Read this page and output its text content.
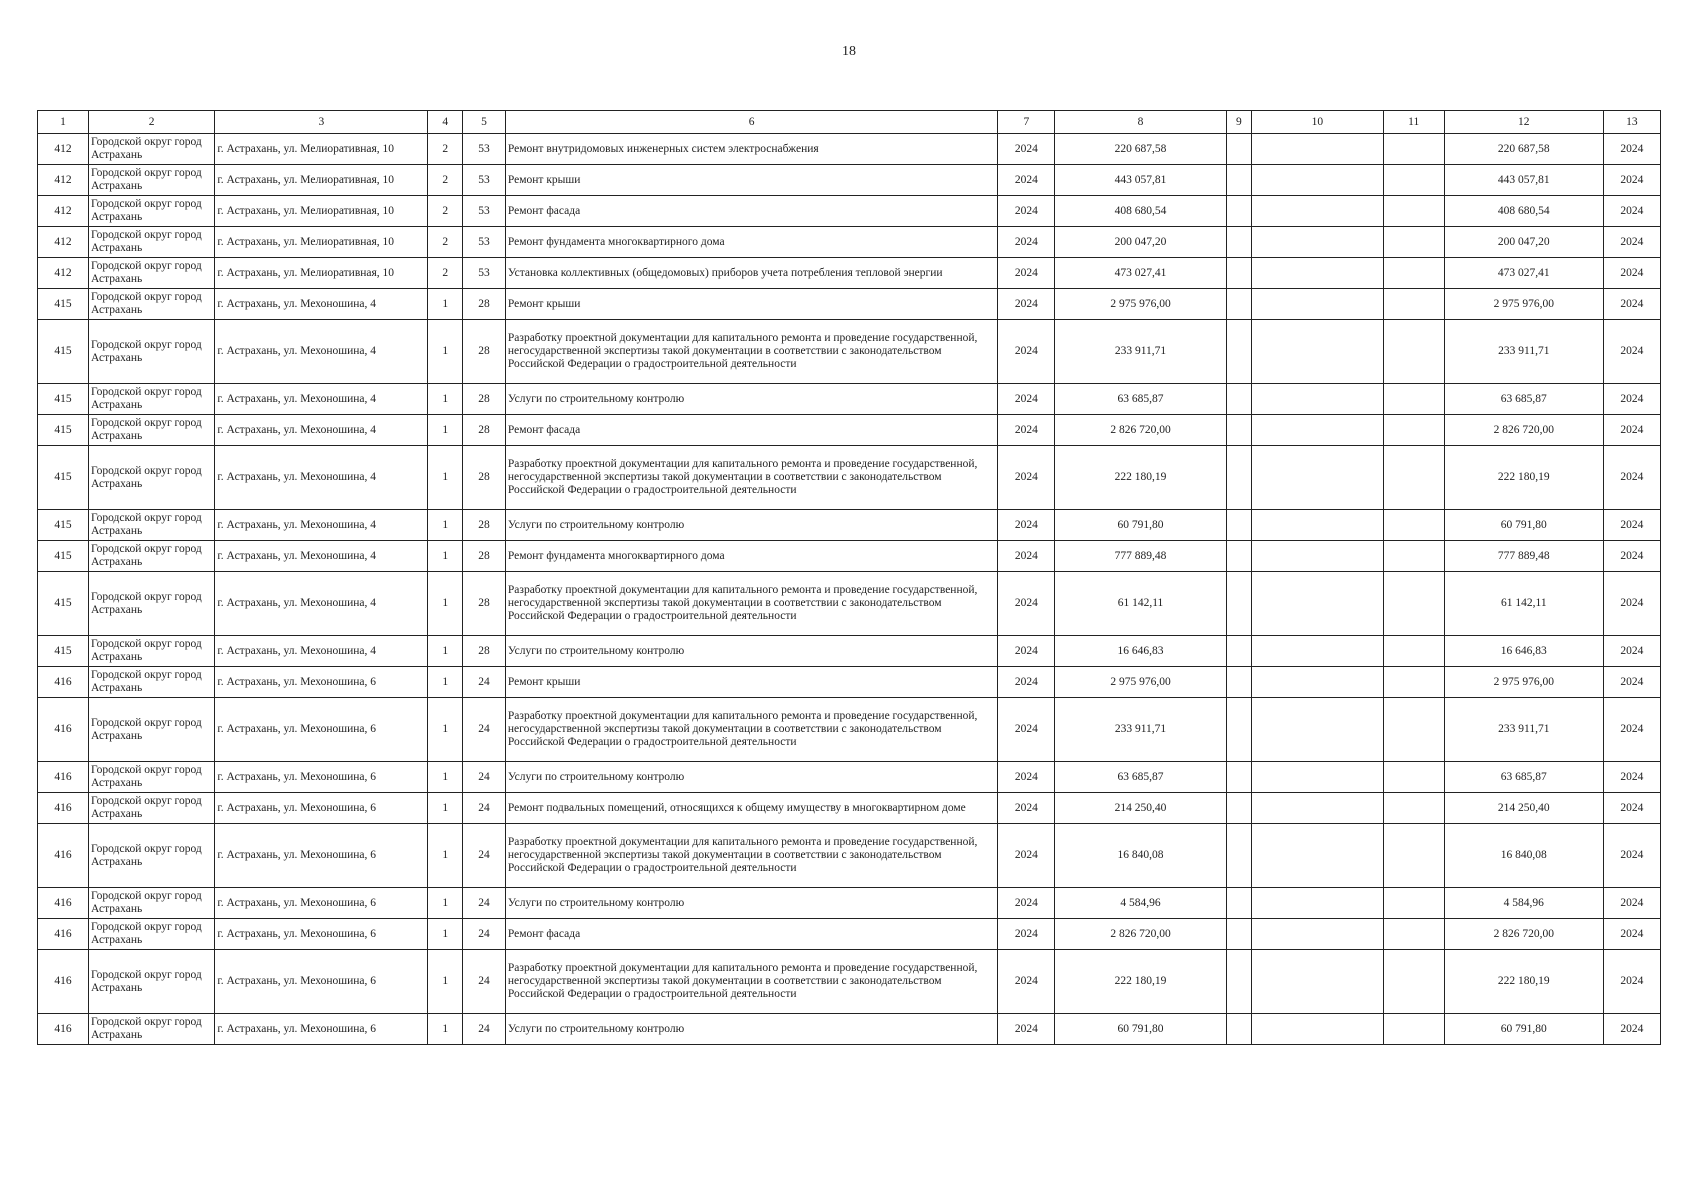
18
1	2	3	4	5	6	7	8	9	10	11	12	13
412	Городской округ город Астрахань	г. Астрахань, ул. Мелиоративная, 10	2	53	Ремонт внутридомовых инженерных систем электроснабжения	2024	220 687,58				220 687,58	2024
412	Городской округ город Астрахань	г. Астрахань, ул. Мелиоративная, 10	2	53	Ремонт крыши	2024	443 057,81				443 057,81	2024
412	Городской округ город Астрахань	г. Астрахань, ул. Мелиоративная, 10	2	53	Ремонт фасада	2024	408 680,54				408 680,54	2024
412	Городской округ город Астрахань	г. Астрахань, ул. Мелиоративная, 10	2	53	Ремонт фундамента многоквартирного дома	2024	200 047,20				200 047,20	2024
412	Городской округ город Астрахань	г. Астрахань, ул. Мелиоративная, 10	2	53	Установка коллективных (общедомовых) приборов учета потребления тепловой энергии	2024	473 027,41				473 027,41	2024
415	Городской округ город Астрахань	г. Астрахань, ул. Мехоношина, 4	1	28	Ремонт крыши	2024	2 975 976,00				2 975 976,00	2024
415	Городской округ город Астрахань	г. Астрахань, ул. Мехоношина, 4	1	28	Разработку проектной документации для капитального ремонта и проведение государственной, негосударственной экспертизы такой документации в соответствии с законодательством Российской Федерации о градостроительной деятельности	2024	233 911,71				233 911,71	2024
415	Городской округ город Астрахань	г. Астрахань, ул. Мехоношина, 4	1	28	Услуги по строительному контролю	2024	63 685,87				63 685,87	2024
415	Городской округ город Астрахань	г. Астрахань, ул. Мехоношина, 4	1	28	Ремонт фасада	2024	2 826 720,00				2 826 720,00	2024
415	Городской округ город Астрахань	г. Астрахань, ул. Мехоношина, 4	1	28	Разработку проектной документации для капитального ремонта и проведение государственной, негосударственной экспертизы такой документации в соответствии с законодательством Российской Федерации о градостроительной деятельности	2024	222 180,19				222 180,19	2024
415	Городской округ город Астрахань	г. Астрахань, ул. Мехоношина, 4	1	28	Услуги по строительному контролю	2024	60 791,80				60 791,80	2024
415	Городской округ город Астрахань	г. Астрахань, ул. Мехоношина, 4	1	28	Ремонт фундамента многоквартирного дома	2024	777 889,48				777 889,48	2024
415	Городской округ город Астрахань	г. Астрахань, ул. Мехоношина, 4	1	28	Разработку проектной документации для капитального ремонта и проведение государственной, негосударственной экспертизы такой документации в соответствии с законодательством Российской Федерации о градостроительной деятельности	2024	61 142,11				61 142,11	2024
415	Городской округ город Астрахань	г. Астрахань, ул. Мехоношина, 4	1	28	Услуги по строительному контролю	2024	16 646,83				16 646,83	2024
416	Городской округ город Астрахань	г. Астрахань, ул. Мехоношина, 6	1	24	Ремонт крыши	2024	2 975 976,00				2 975 976,00	2024
416	Городской округ город Астрахань	г. Астрахань, ул. Мехоношина, 6	1	24	Разработку проектной документации для капитального ремонта и проведение государственной, негосударственной экспертизы такой документации в соответствии с законодательством Российской Федерации о градостроительной деятельности	2024	233 911,71				233 911,71	2024
416	Городской округ город Астрахань	г. Астрахань, ул. Мехоношина, 6	1	24	Услуги по строительному контролю	2024	63 685,87				63 685,87	2024
416	Городской округ город Астрахань	г. Астрахань, ул. Мехоношина, 6	1	24	Ремонт подвальных помещений, относящихся к общему имуществу в многоквартирном доме	2024	214 250,40				214 250,40	2024
416	Городской округ город Астрахань	г. Астрахань, ул. Мехоношина, 6	1	24	Разработку проектной документации для капитального ремонта и проведение государственной, негосударственной экспертизы такой документации в соответствии с законодательством Российской Федерации о градостроительной деятельности	2024	16 840,08				16 840,08	2024
416	Городской округ город Астрахань	г. Астрахань, ул. Мехоношина, 6	1	24	Услуги по строительному контролю	2024	4 584,96				4 584,96	2024
416	Городской округ город Астрахань	г. Астрахань, ул. Мехоношина, 6	1	24	Ремонт фасада	2024	2 826 720,00				2 826 720,00	2024
416	Городской округ город Астрахань	г. Астрахань, ул. Мехоношина, 6	1	24	Разработку проектной документации для капитального ремонта и проведение государственной, негосударственной экспертизы такой документации в соответствии с законодательством Российской Федерации о градостроительной деятельности	2024	222 180,19				222 180,19	2024
416	Городской округ город Астрахань	г. Астрахань, ул. Мехоношина, 6	1	24	Услуги по строительному контролю	2024	60 791,80				60 791,80	2024
